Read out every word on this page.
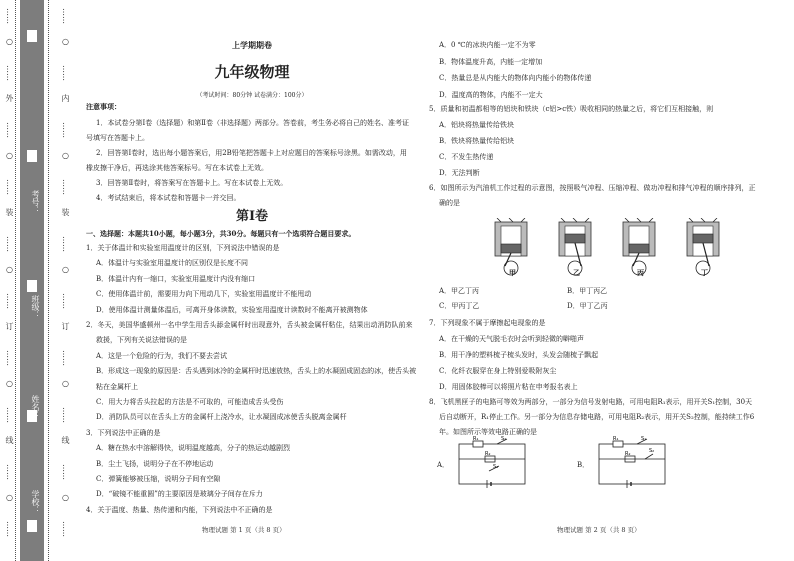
……
○
……
外
……
○
……
装
……
○
……
订
……
○
……
线
……
○
……
考号：
班级：
姓名：
学校：
……
○
……
内
……
○
……
装
……
○
……
订
……
○
……
线
……
○
……
上学期期卷
九年级物理
（考试时间：80分钟 试卷满分：100分）
注意事项：
1．本试卷分第Ⅰ卷（选择题）和第Ⅱ卷（非选择题）两部分。答卷前，考生务必将自己的姓名、准考证
号填写在答题卡上。
2．回答第Ⅰ卷时，选出每小题答案后，用2B铅笔把答题卡上对应题目的答案标号涂黑。如需改动，用
橡皮擦干净后，再选涂其他答案标号。写在本试卷上无效。
3．回答第Ⅱ卷时，将答案写在答题卡上。写在本试卷上无效。
4．考试结束后，将本试卷和答题卡一并交回。
第Ⅰ卷
一、选择题：本题共10小题，每小题3分，共30分。每题只有一个选项符合题目要求。
1．关于体温计和实验室用温度计的区别，下列说法中错误的是
A．体温计与实验室用温度计的区别仅是长度不同
B．体温计内有一缩口，实验室用温度计内没有缩口
C．使用体温计前，需要用力向下甩动几下，实验室用温度计不能甩动
D．使用体温计测量体温后，可离开身体读数，实验室用温度计读数时不能离开被测物体
2．冬天，美国华盛顿州一名中学生用舌头舔金属杆时出现意外，舌头被金属杆粘住，结果出动消防队前来
救援，下列有关说法错误的是
A．这是一个危险的行为，我们不要去尝试
B．形成这一现象的原因是：舌头遇到冰冷的金属杆时迅速放热，舌头上的水凝固成固态的冰，使舌头被
粘在金属杆上
C．用大力将舌头拉起的方法是不可取的，可能造成舌头受伤
D．消防队员可以在舌头上方的金属杆上浇冷水，让水凝固成冰使舌头脱离金属杆
3．下列说法中正确的是
A．糖在热水中溶解得快，说明温度越高，分子的热运动越剧烈
B．尘土飞扬，说明分子在不停地运动
C．弹簧能够被压缩，说明分子间有空隙
D．“破镜不能重圆”的主要原因是玻璃分子间存在斥力
4．关于温度、热量、热传递和内能，下列说法中不正确的是
物理试题 第 1 页（共 8 页）
A．0 ℃的冰块内能一定不为零
B．物体温度升高，内能一定增加
C．热量总是从内能大的物体向内能小的物体传递
D．温度高的物体，内能不一定大
5．质量和初温都相等的铝块和铁块（c铝>c铁）吸收相同的热量之后，将它们互相接触，则
A．铝块将热量传给铁块
B．铁块将热量传给铝块
C．不发生热传递
D．无法判断
6．如图所示为汽油机工作过程的示意图，按照吸气冲程、压缩冲程、做功冲程和排气冲程的顺序排列，正
确的是
甲	乙	丙	丁
A．甲乙丁丙	B．甲丁丙乙
C．甲丙丁乙	D．甲丁乙丙
7．下列现象不属于摩擦起电现象的是
A．在干燥的天气脱毛衣时会听到轻微的噼啪声
B．用干净的塑料梳子梳头发时，头发会随梳子飘起
C．化纤衣服穿在身上特别爱吸附灰尘
D．用固体胶棒可以将照片粘在申考报名表上
8．飞机黑匣子的电路可等效为两部分，一部分为信号发射电路，可用电阻R₁表示，用开关S₁控制，30天
后自动断开，R₁停止工作。另一部分为信息存储电路，可用电阻R₂表示，用开关S₂控制，能持续工作6
年。如图所示等效电路正确的是
A．
R₁	S₂
R₂
S₁	B．
R₁	S₁
R₂	S₂
物理试题 第 2 页（共 8 页）
